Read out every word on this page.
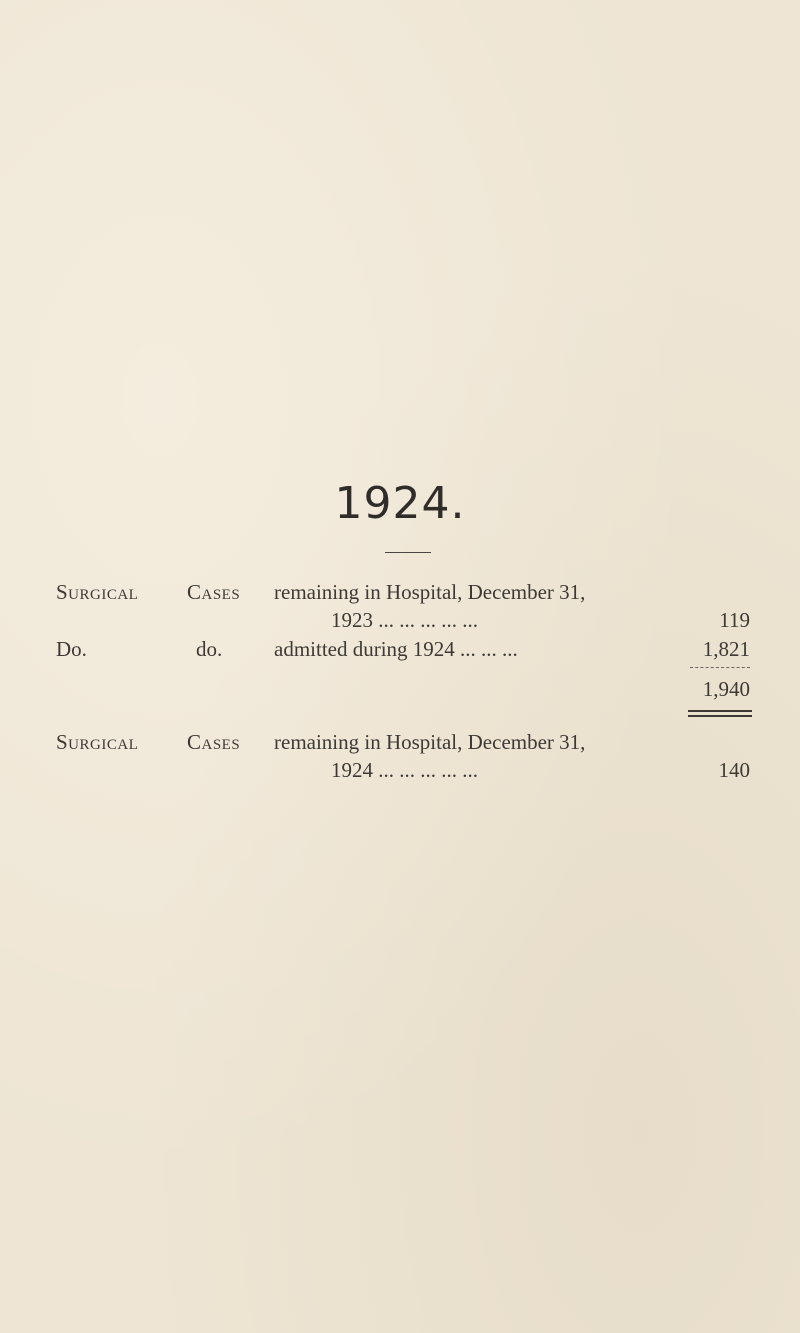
1924.
Surgical Cases remaining in Hospital, December 31,
1923 ... ... ... ... ...	119
Do.	do. admitted during 1924 ... ... ...	1,821
1,940
Surgical Cases remaining in Hospital, December 31,
1924 ... ... ... ... ...	140
